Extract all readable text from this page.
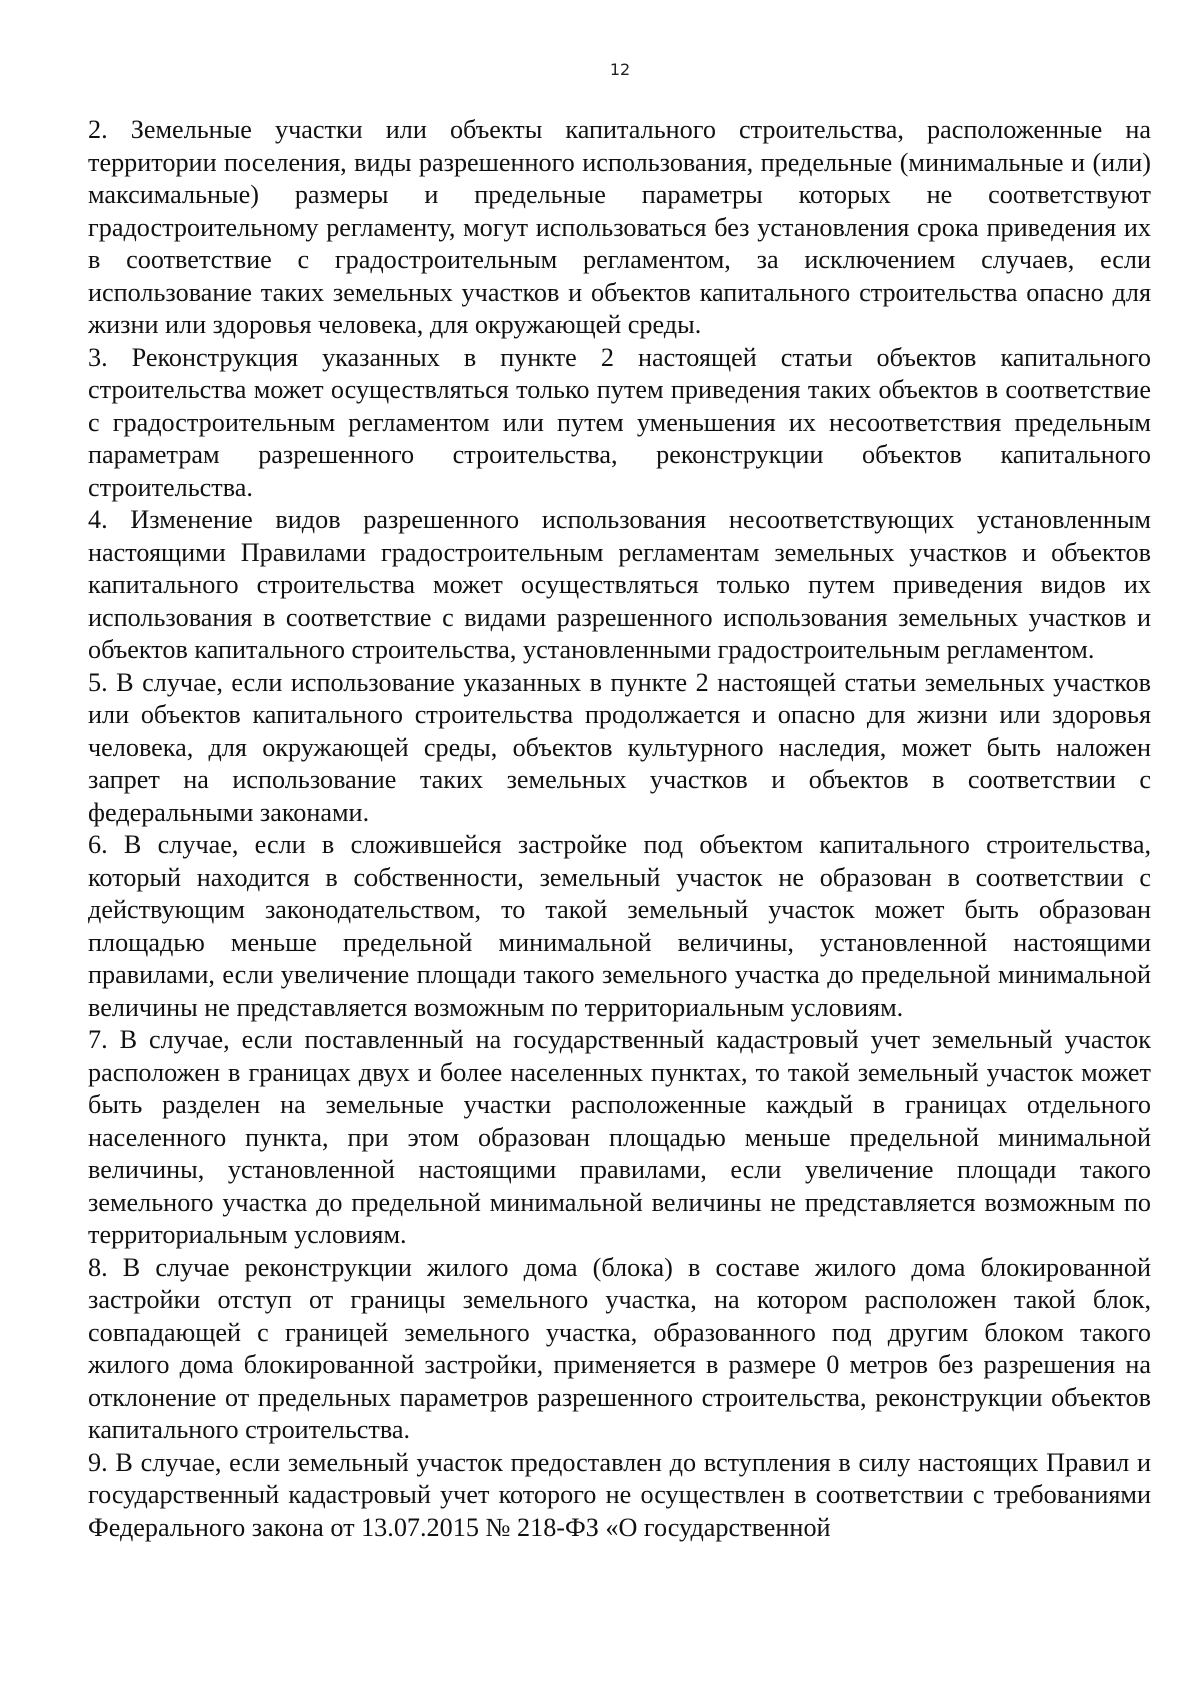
12

2. Земельные участки или объекты капитального строительства, расположенные на территории поселения, виды разрешенного использования, предельные (минимальные и (или) максимальные) размеры и предельные параметры которых не соответствуют градостроительному регламенту, могут использоваться без установления срока приведения их в соответствие с градостроительным регламентом, за исключением случаев, если использование таких земельных участков и объектов капитального строительства опасно для жизни или здоровья человека, для окружающей среды.

3. Реконструкция указанных в пункте 2 настоящей статьи объектов капитального строительства может осуществляться только путем приведения таких объектов в соответствие с градостроительным регламентом или путем уменьшения их несоответствия предельным параметрам разрешенного строительства, реконструкции объектов капитального строительства.

4. Изменение видов разрешенного использования несоответствующих установленным настоящими Правилами градостроительным регламентам земельных участков и объектов капитального строительства может осуществляться только путем приведения видов их использования в соответствие с видами разрешенного использования земельных участков и объектов капитального строительства, установленными градостроительным регламентом.

5. В случае, если использование указанных в пункте 2 настоящей статьи земельных участков или объектов капитального строительства продолжается и опасно для жизни или здоровья человека, для окружающей среды, объектов культурного наследия, может быть наложен запрет на использование таких земельных участков и объектов в соответствии с федеральными законами.

6. В случае, если в сложившейся застройке под объектом капитального строительства, который находится в собственности, земельный участок не образован в соответствии с действующим законодательством, то такой земельный участок может быть образован площадью меньше предельной минимальной величины, установленной настоящими правилами, если увеличение площади такого земельного участка до предельной минимальной величины не представляется возможным по территориальным условиям.

7. В случае, если поставленный на государственный кадастровый учет земельный участок расположен в границах двух и более населенных пунктах, то такой земельный участок может быть разделен на земельные участки расположенные каждый в границах отдельного населенного пункта, при этом образован площадью меньше предельной минимальной величины, установленной настоящими правилами, если увеличение площади такого земельного участка до предельной минимальной величины не представляется возможным по территориальным условиям.

8. В случае реконструкции жилого дома (блока) в составе жилого дома блокированной застройки отступ от границы земельного участка, на котором расположен такой блок, совпадающей с границей земельного участка, образованного под другим блоком такого жилого дома блокированной застройки, применяется в размере 0 метров без разрешения на отклонение от предельных параметров разрешенного строительства, реконструкции объектов капитального строительства.

9. В случае, если земельный участок предоставлен до вступления в силу настоящих Правил и государственный кадастровый учет которого не осуществлен в соответствии с требованиями Федерального закона от 13.07.2015 № 218-ФЗ «О государственной
